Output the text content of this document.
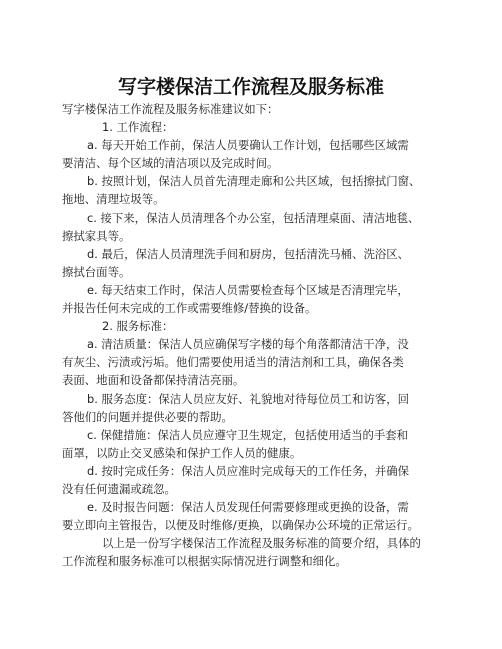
写字楼保洁工作流程及服务标准
写字楼保洁工作流程及服务标准建议如下：
1. 工作流程：
a. 每天开始工作前，保洁人员要确认工作计划，包括哪些区域需
要清洁、每个区域的清洁项以及完成时间。
b. 按照计划，保洁人员首先清理走廊和公共区域，包括擦拭门窗、
拖地、清理垃圾等。
c. 接下来，保洁人员清理各个办公室，包括清理桌面、清洁地毯、
擦拭家具等。
d. 最后，保洁人员清理洗手间和厨房，包括清洗马桶、洗浴区、
擦拭台面等。
e. 每天结束工作时，保洁人员需要检查每个区域是否清理完毕，
并报告任何未完成的工作或需要维修/替换的设备。
2. 服务标准：
a. 清洁质量：保洁人员应确保写字楼的每个角落都清洁干净，没
有灰尘、污渍或污垢。他们需要使用适当的清洁剂和工具，确保各类
表面、地面和设备都保持清洁亮丽。
b. 服务态度：保洁人员应友好、礼貌地对待每位员工和访客，回
答他们的问题并提供必要的帮助。
c. 保健措施：保洁人员应遵守卫生规定，包括使用适当的手套和
面罩，以防止交叉感染和保护工作人员的健康。
d. 按时完成任务：保洁人员应准时完成每天的工作任务，并确保
没有任何遗漏或疏忽。
e. 及时报告问题：保洁人员发现任何需要修理或更换的设备，需
要立即向主管报告，以便及时维修/更换，以确保办公环境的正常运行。
以上是一份写字楼保洁工作流程及服务标准的简要介绍，具体的
工作流程和服务标准可以根据实际情况进行调整和细化。
